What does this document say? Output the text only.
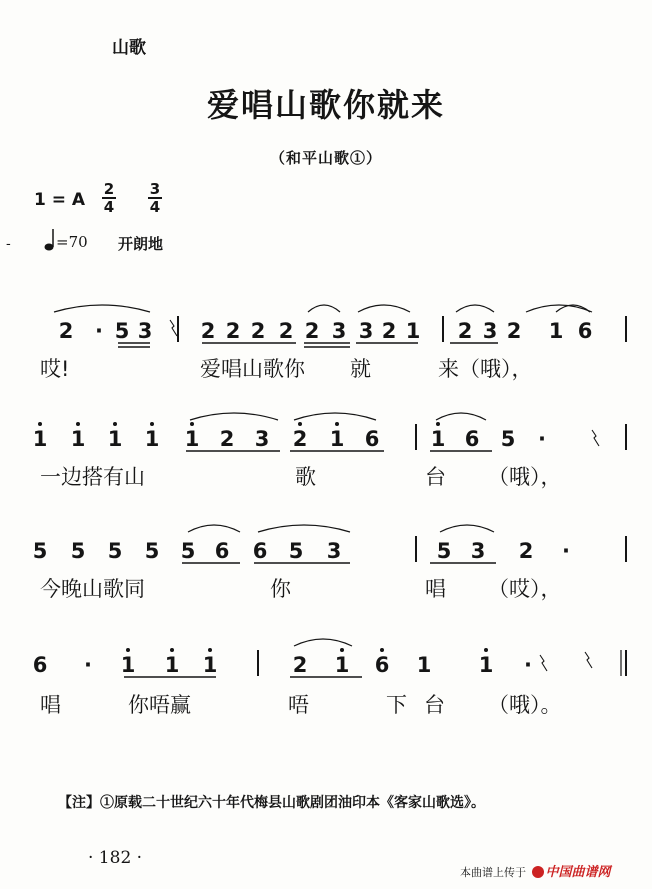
山歌
爱唱山歌你就来
（和平山歌①）
1 = A
2
4
3
4
-	=70 开朗地
2 · 5 3 2 2 2 2 2 3 3 2 1 2 3 2 1 6
1 1 1 1 1 2 3 2 1 6 1 6 5 ·
5 5 5 5 5 6 6 5 3	5 3 2 ·
6 · 1 1 1	2 1 6 1 1 ·
哎!	爱唱山歌你 就	来（哦），
一边搭有山	歌	台 （哦），
今晚山歌同	你	唱 （哎），
唱	你唔赢	唔	下 台 （哦）。
【注】①原载二十世纪六十年代梅县山歌剧团油印本《客家山歌选》。
· 182 ·
本曲谱上传于 中国曲谱网
